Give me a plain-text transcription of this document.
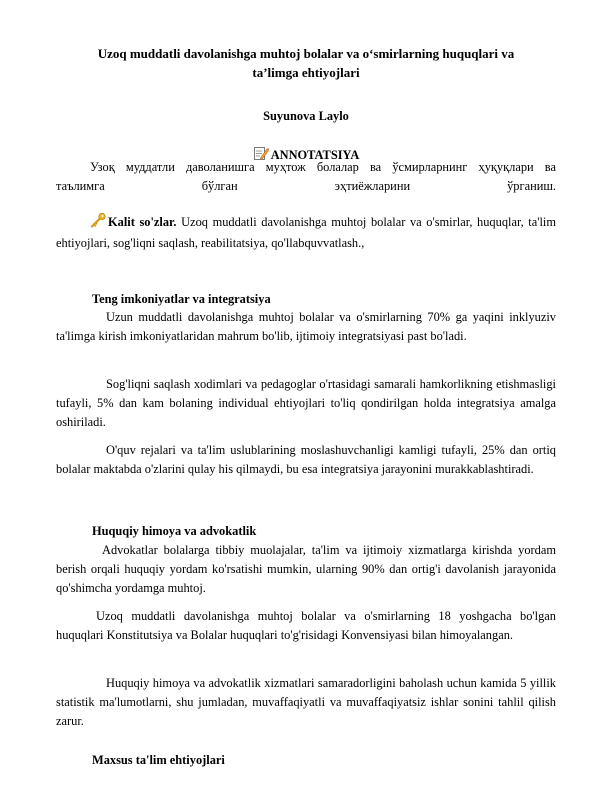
Uzoq muddatli davolanishga muhtoj bolalar va o‘smirlarning huquqlari va
ta’limga ehtiyojlari
Suyunova Laylo
ANNOTATSIYA
Узоқ муддатли даволанишга муҳтож болалар ва ўсмирларнинг ҳуқуқлари ва
таълимга бўлган эҳтиёжларини ўрганиш.
Kalit so'zlar. Uzoq muddatli davolanishga muhtoj bolalar va o'smirlar, huquqlar, ta'lim ehtiyojlari, sog'liqni saqlash, reabilitatsiya, qo'llabquvvatlash.,
Teng imkoniyatlar va integratsiya
Uzun muddatli davolanishga muhtoj bolalar va o'smirlarning 70% ga yaqini inklyuziv ta'limga kirish imkoniyatlaridan mahrum bo'lib, ijtimoiy integratsiyasi past bo'ladi.
Sog'liqni saqlash xodimlari va pedagoglar o'rtasidagi samarali hamkorlikning etishmasligi tufayli, 5% dan kam bolaning individual ehtiyojlari to'liq qondirilgan holda integratsiya amalga oshiriladi.
O'quv rejalari va ta'lim uslublarining moslashuvchanligi kamligi tufayli, 25% dan ortiq bolalar maktabda o'zlarini qulay his qilmaydi, bu esa integratsiya jarayonini murakkablashtiradi.
Huquqiy himoya va advokatlik
Advokatlar bolalarga tibbiy muolajalar, ta'lim va ijtimoiy xizmatlarga kirishda yordam berish orqali huquqiy yordam ko'rsatishi mumkin, ularning 90% dan ortig'i davolanish jarayonida qo'shimcha yordamga muhtoj.
Uzoq muddatli davolanishga muhtoj bolalar va o'smirlarning 18 yoshgacha bo'lgan huquqlari Konstitutsiya va Bolalar huquqlari to'g'risidagi Konvensiyasi bilan himoyalangan.
Huquqiy himoya va advokatlik xizmatlari samaradorligini baholash uchun kamida 5 yillik statistik ma'lumotlarni, shu jumladan, muvaffaqiyatli va muvaffaqiyatsiz ishlar sonini tahlil qilish zarur.
Maxsus ta'lim ehtiyojlari
